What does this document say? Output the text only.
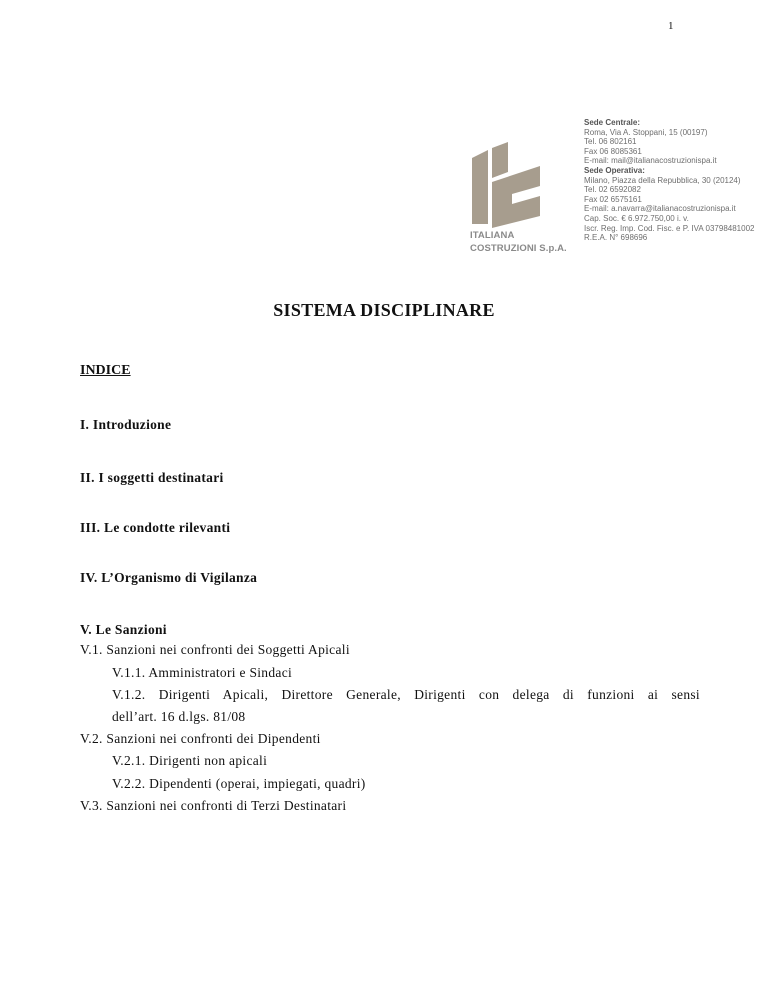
1
ITALIANA
COSTRUZIONI S.p.A.
Sede Centrale:
Roma, Via A. Stoppani, 15 (00197)
Tel. 06 802161
Fax 06 8085361
E-mail: mail@italianacostruzionispa.it
Sede Operativa:
Milano, Piazza della Repubblica, 30 (20124)
Tel. 02 6592082
Fax 02 6575161
E-mail: a.navarra@italianacostruzionispa.it
Cap. Soc. € 6.972.750,00 i. v.
Iscr. Reg. Imp. Cod. Fisc. e P. IVA 03798481002
R.E.A. N° 698696
SISTEMA DISCIPLINARE
INDICE
I. Introduzione
II. I soggetti destinatari
III. Le condotte rilevanti
IV. L’Organismo di Vigilanza
V. Le Sanzioni
V.1. Sanzioni nei confronti dei Soggetti Apicali
V.1.1. Amministratori e Sindaci
V.1.2. Dirigenti Apicali, Direttore Generale, Dirigenti con delega di funzioni ai sensi
dell’art. 16 d.lgs. 81/08
V.2. Sanzioni nei confronti dei Dipendenti
V.2.1. Dirigenti non apicali
V.2.2. Dipendenti (operai, impiegati, quadri)
V.3. Sanzioni nei confronti di Terzi Destinatari
